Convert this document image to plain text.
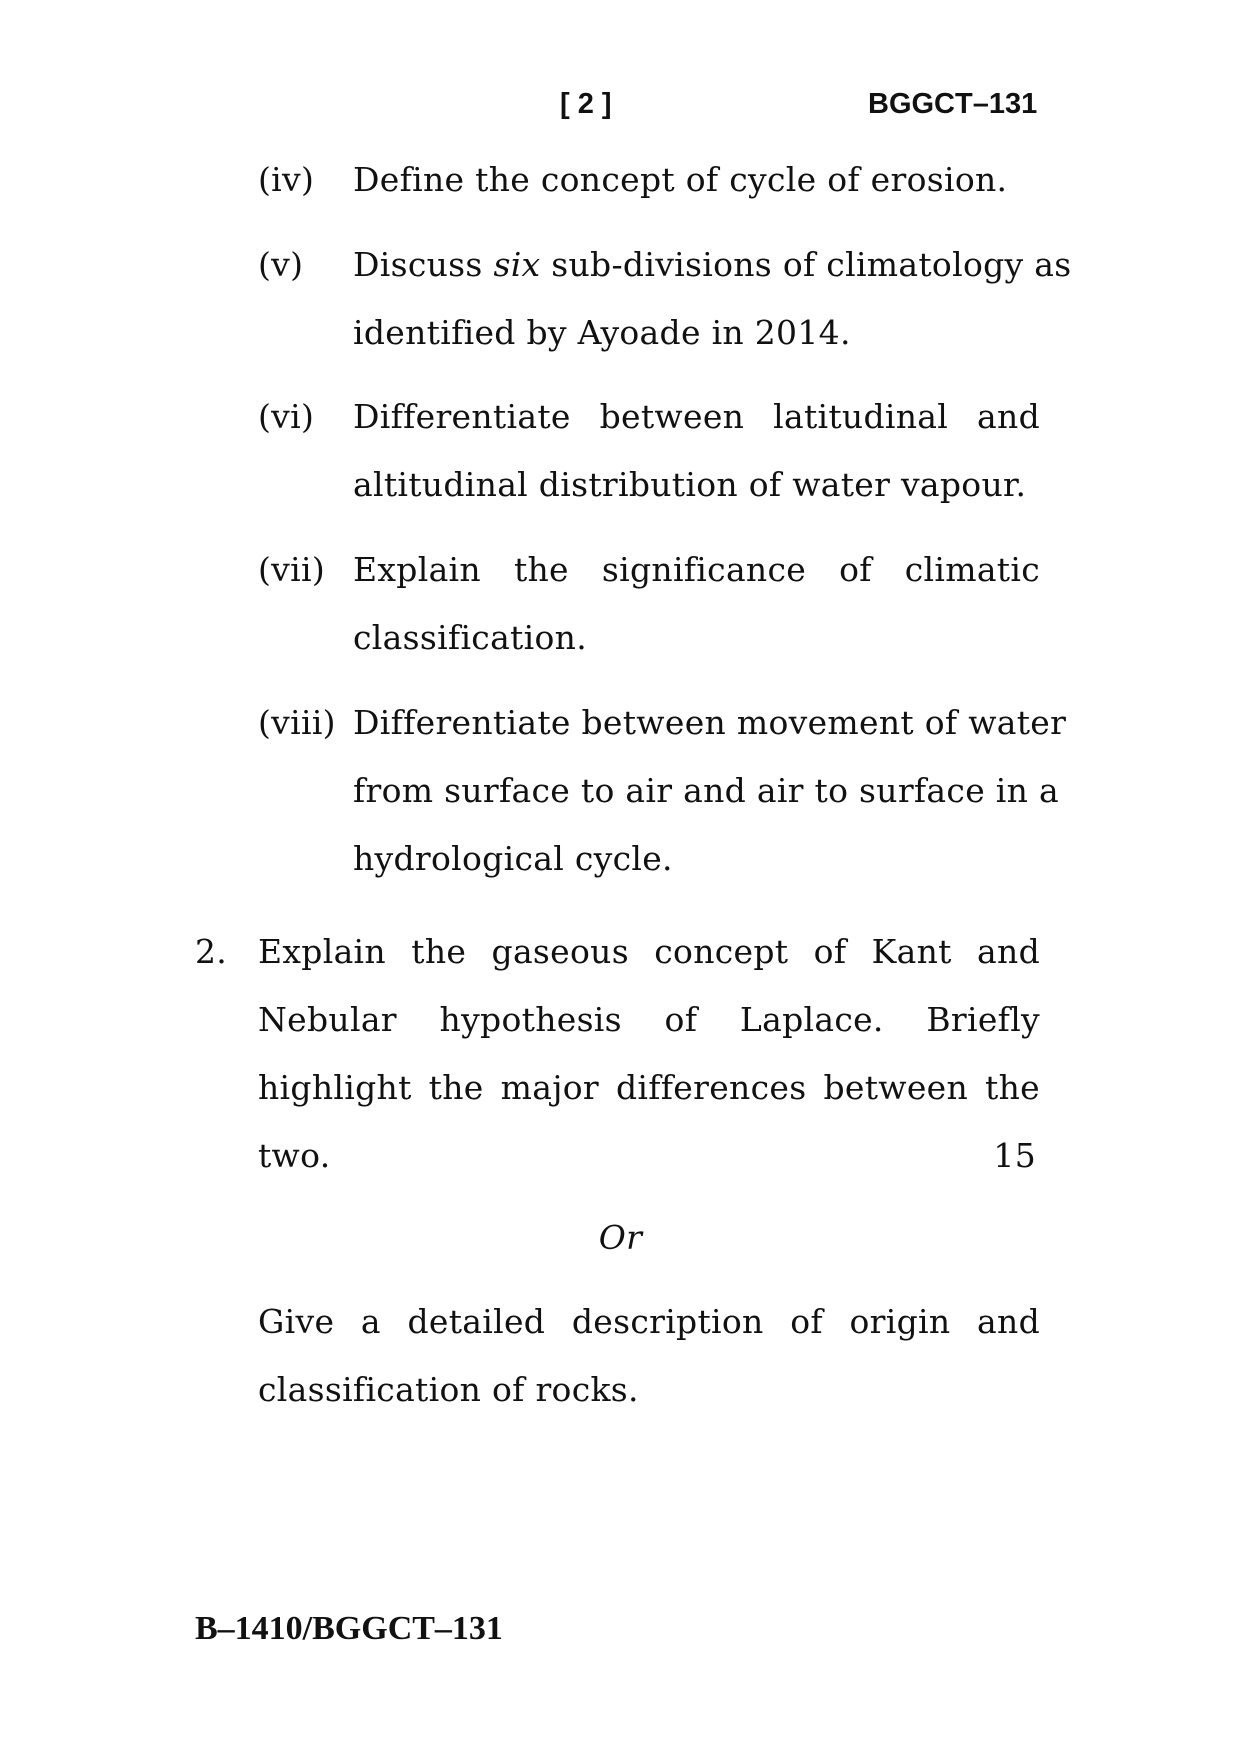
[ 2 ]	BGGCT–131
(iv) Define the concept of cycle of erosion.
(v) Discuss six sub-divisions of climatology as
identified by Ayoade in 2014.
(vi) Differentiate between latitudinal and
altitudinal distribution of water vapour.
(vii) Explain the significance of climatic
classification.
(viii) Differentiate between movement of water
from surface to air and air to surface in a
hydrological cycle.
2. Explain the gaseous concept of Kant and
Nebular hypothesis of Laplace. Briefly
highlight the major differences between the
two.	15
Or
Give a detailed description of origin and
classification of rocks.
B–1410/BGGCT–131
